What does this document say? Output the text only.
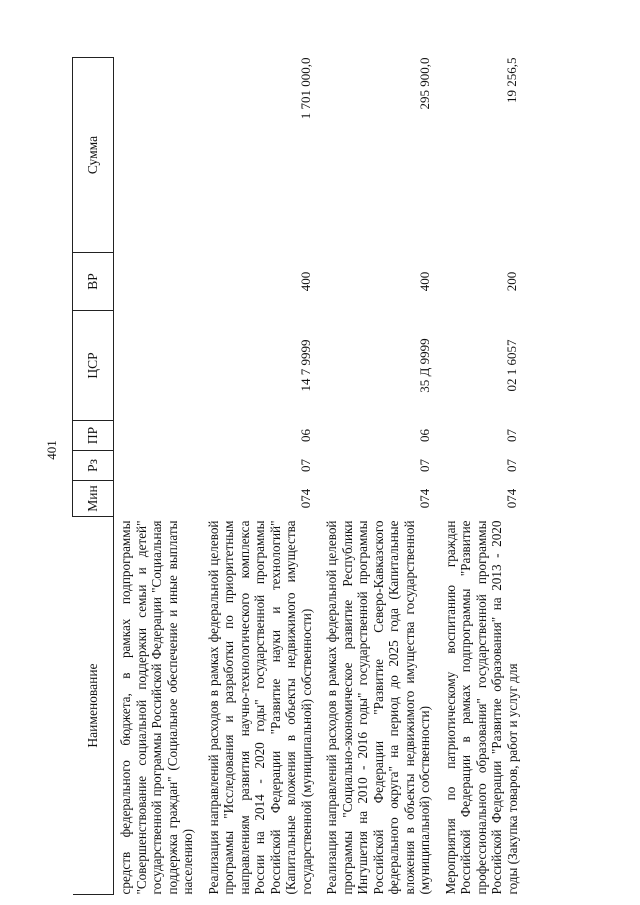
401
Наименование	Мин	Рз	ПР	ЦСР	ВР	Сумма
средств федерального бюджета, в рамках подпрограммы "Совершенствование социальной поддержки семьи и детей" государственной программы Российской Федерации "Социальная поддержка граждан" (Социальное обеспечение и иные выплаты населению)						

Реализация направлений расходов в рамках федеральной целевой программы "Исследования и разработки по приоритетным направлениям развития научно-технологического комплекса России на 2014 - 2020 годы" государственной программы Российской Федерации "Развитие науки и технологий" (Капитальные вложения в объекты недвижимого имущества государственной (муниципальной) собственности)	074	07	06	14 7 9999	400	1 701 000,0

Реализация направлений расходов в рамках федеральной целевой программы "Социально-экономическое развитие Республики Ингушетия на 2010 - 2016 годы" государственной программы Российской Федерации "Развитие Северо-Кавказского федерального округа" на период до 2025 года (Капитальные вложения в объекты недвижимого имущества государственной (муниципальной) собственности)	074	07	06	35 Д 9999	400	295 900,0

Мероприятия по патриотическому воспитанию граждан Российской Федерации в рамках подпрограммы "Развитие профессионального образования" государственной программы Российской Федерации "Развитие образования" на 2013 - 2020 годы (Закупка товаров, работ и услуг для	074	07	07	02 1 6057	200	19 256,5
